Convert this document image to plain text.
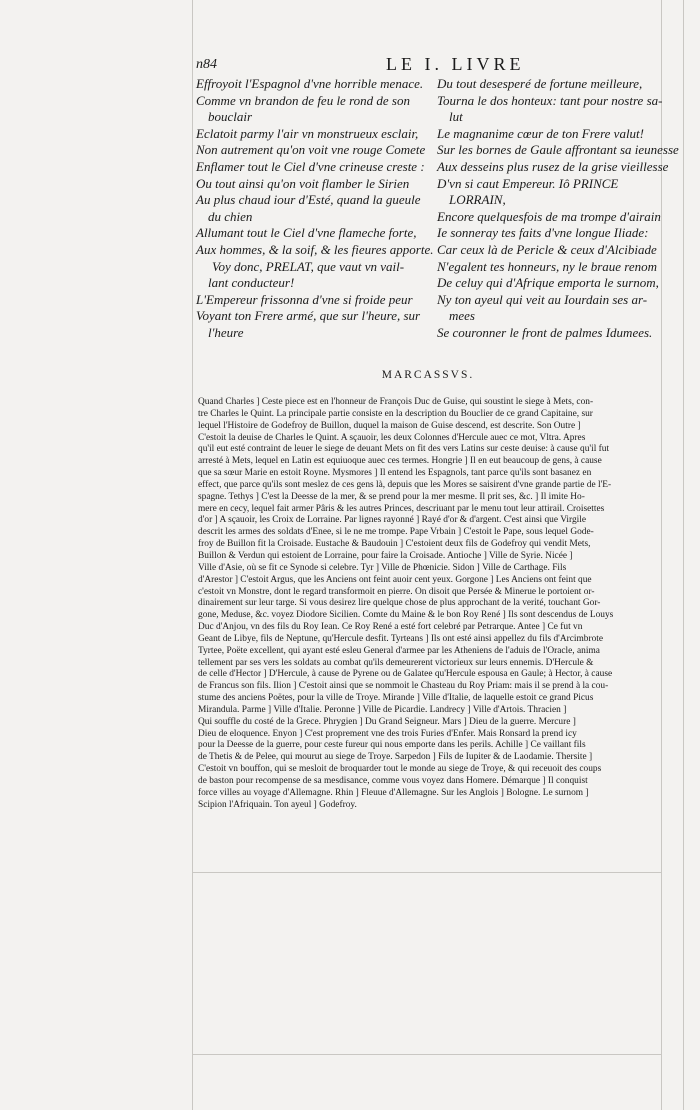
n84	LE I. LIVRE
Effroyoit l'Espagnol d'vne horrible menace.
Comme vn brandon de feu le rond de son
bouclair
Eclatoit parmy l'air vn monstrueux esclair,
Non autrement qu'on voit vne rouge Comete
Enflamer tout le Ciel d'vne crineuse creste :
Ou tout ainsi qu'on voit flamber le Sirien
Au plus chaud iour d'Esté, quand la gueule
du chien
Allumant tout le Ciel d'vne flameche forte,
Aux hommes, & la soif, & les fieures apporte.
Voy donc, PRELAT, que vaut vn vail-
lant conducteur!
L'Empereur frissonna d'vne si froide peur
Voyant ton Frere armé, que sur l'heure, sur
l'heure
Du tout desesperé de fortune meilleure,
Tourna le dos honteux: tant pour nostre sa-
lut
Le magnanime cœur de ton Frere valut!
Sur les bornes de Gaule affrontant sa ieunesse
Aux desseins plus rusez de la grise vieillesse
D'vn si caut Empereur. Iô PRINCE
LORRAIN,
Encore quelquesfois de ma trompe d'airain
Ie sonneray tes faits d'vne longue Iliade:
Car ceux là de Pericle & ceux d'Alcibiade
N'egalent tes honneurs, ny le braue renom
De celuy qui d'Afrique emporta le surnom,
Ny ton ayeul qui veit au Iourdain ses ar-
mees
Se couronner le front de palmes Idumees.
MARCASSVS.
Quand Charles ] Ceste piece est en l'honneur de François Duc de Guise, qui soustint le siege à Mets, con-
tre Charles le Quint. La principale partie consiste en la description du Bouclier de ce grand Capitaine, sur
lequel l'Histoire de Godefroy de Buillon, duquel la maison de Guise descend, est descrite. Son Outre ]
C'estoit la deuise de Charles le Quint. A sçauoir, les deux Colonnes d'Hercule auec ce mot, Vltra. Apres
qu'il eut esté contraint de leuer le siege de deuant Mets on fit des vers Latins sur ceste deuise: à cause qu'il fut
arresté à Mets, lequel en Latin est equiuoque auec ces termes. Hongrie ] Il en eut beaucoup de gens, à cause
que sa sœur Marie en estoit Royne. Mysmores ] Il entend les Espagnols, tant parce qu'ils sont basanez en
effect, que parce qu'ils sont meslez de ces gens là, depuis que les Mores se saisirent d'vne grande partie de l'E-
spagne. Tethys ] C'est la Deesse de la mer, & se prend pour la mer mesme. Il prit ses, &c. ] Il imite Ho-
mere en cecy, lequel fait armer Pâris & les autres Princes, descriuant par le menu tout leur attirail. Croisettes
d'or ] A sçauoir, les Croix de Lorraine. Par lignes rayonné ] Rayé d'or & d'argent. C'est ainsi que Virgile
descrit les armes des soldats d'Enee, si le ne me trompe. Pape Vrbain ] C'estoit le Pape, sous lequel Gode-
froy de Buillon fit la Croisade. Eustache & Baudouin ] C'estoient deux fils de Godefroy qui vendit Mets,
Buillon & Verdun qui estoient de Lorraine, pour faire la Croisade. Antioche ] Ville de Syrie. Nicée ]
Ville d'Asie, où se fit ce Synode si celebre. Tyr ] Ville de Phœnicie. Sidon ] Ville de Carthage. Fils
d'Arestor ] C'estoit Argus, que les Anciens ont feint auoir cent yeux. Gorgone ] Les Anciens ont feint que
c'estoit vn Monstre, dont le regard transformoit en pierre. On disoit que Persée & Minerue le portoient or-
dinairement sur leur targe. Si vous desirez lire quelque chose de plus approchant de la verité, touchant Gor-
gone, Meduse, &c. voyez Diodore Sicilien. Comte du Maine & le bon Roy René ] Ils sont descendus de Louys
Duc d'Anjou, vn des fils du Roy Iean. Ce Roy René a esté fort celebré par Petrarque. Antee ] Ce fut vn
Geant de Libye, fils de Neptune, qu'Hercule desfit. Tyrteans ] Ils ont esté ainsi appellez du fils d'Arcimbrote
Tyrtee, Poëte excellent, qui ayant esté esleu General d'armee par les Atheniens de l'aduis de l'Oracle, anima
tellement par ses vers les soldats au combat qu'ils demeurerent victorieux sur leurs ennemis. D'Hercule &
de celle d'Hector ] D'Hercule, à cause de Pyrene ou de Galatee qu'Hercule espousa en Gaule; à Hector, à cause
de Francus son fils. Ilion ] C'estoit ainsi que se nommoit le Chasteau du Roy Priam: mais il se prend à la cou-
stume des anciens Poëtes, pour la ville de Troye. Mirande ] Ville d'Italie, de laquelle estoit ce grand Picus
Mirandula. Parme ] Ville d'Italie. Peronne ] Ville de Picardie. Landrecy ] Ville d'Artois. Thracien ]
Qui souffle du costé de la Grece. Phrygien ] Du Grand Seigneur. Mars ] Dieu de la guerre. Mercure ]
Dieu de eloquence. Enyon ] C'est proprement vne des trois Furies d'Enfer. Mais Ronsard la prend icy
pour la Deesse de la guerre, pour ceste fureur qui nous emporte dans les perils. Achille ] Ce vaillant fils
de Thetis & de Pelee, qui mourut au siege de Troye. Sarpedon ] Fils de Iupiter & de Laodamie. Thersite ]
C'estoit vn bouffon, qui se mesloit de broquarder tout le monde au siege de Troye, & qui receuoit des coups
de baston pour recompense de sa mesdisance, comme vous voyez dans Homere. Démarque ] Il conquist
force villes au voyage d'Allemagne. Rhin ] Fleuue d'Allemagne. Sur les Anglois ] Bologne. Le surnom ]
Scipion l'Afriquain. Ton ayeul ] Godefroy.
